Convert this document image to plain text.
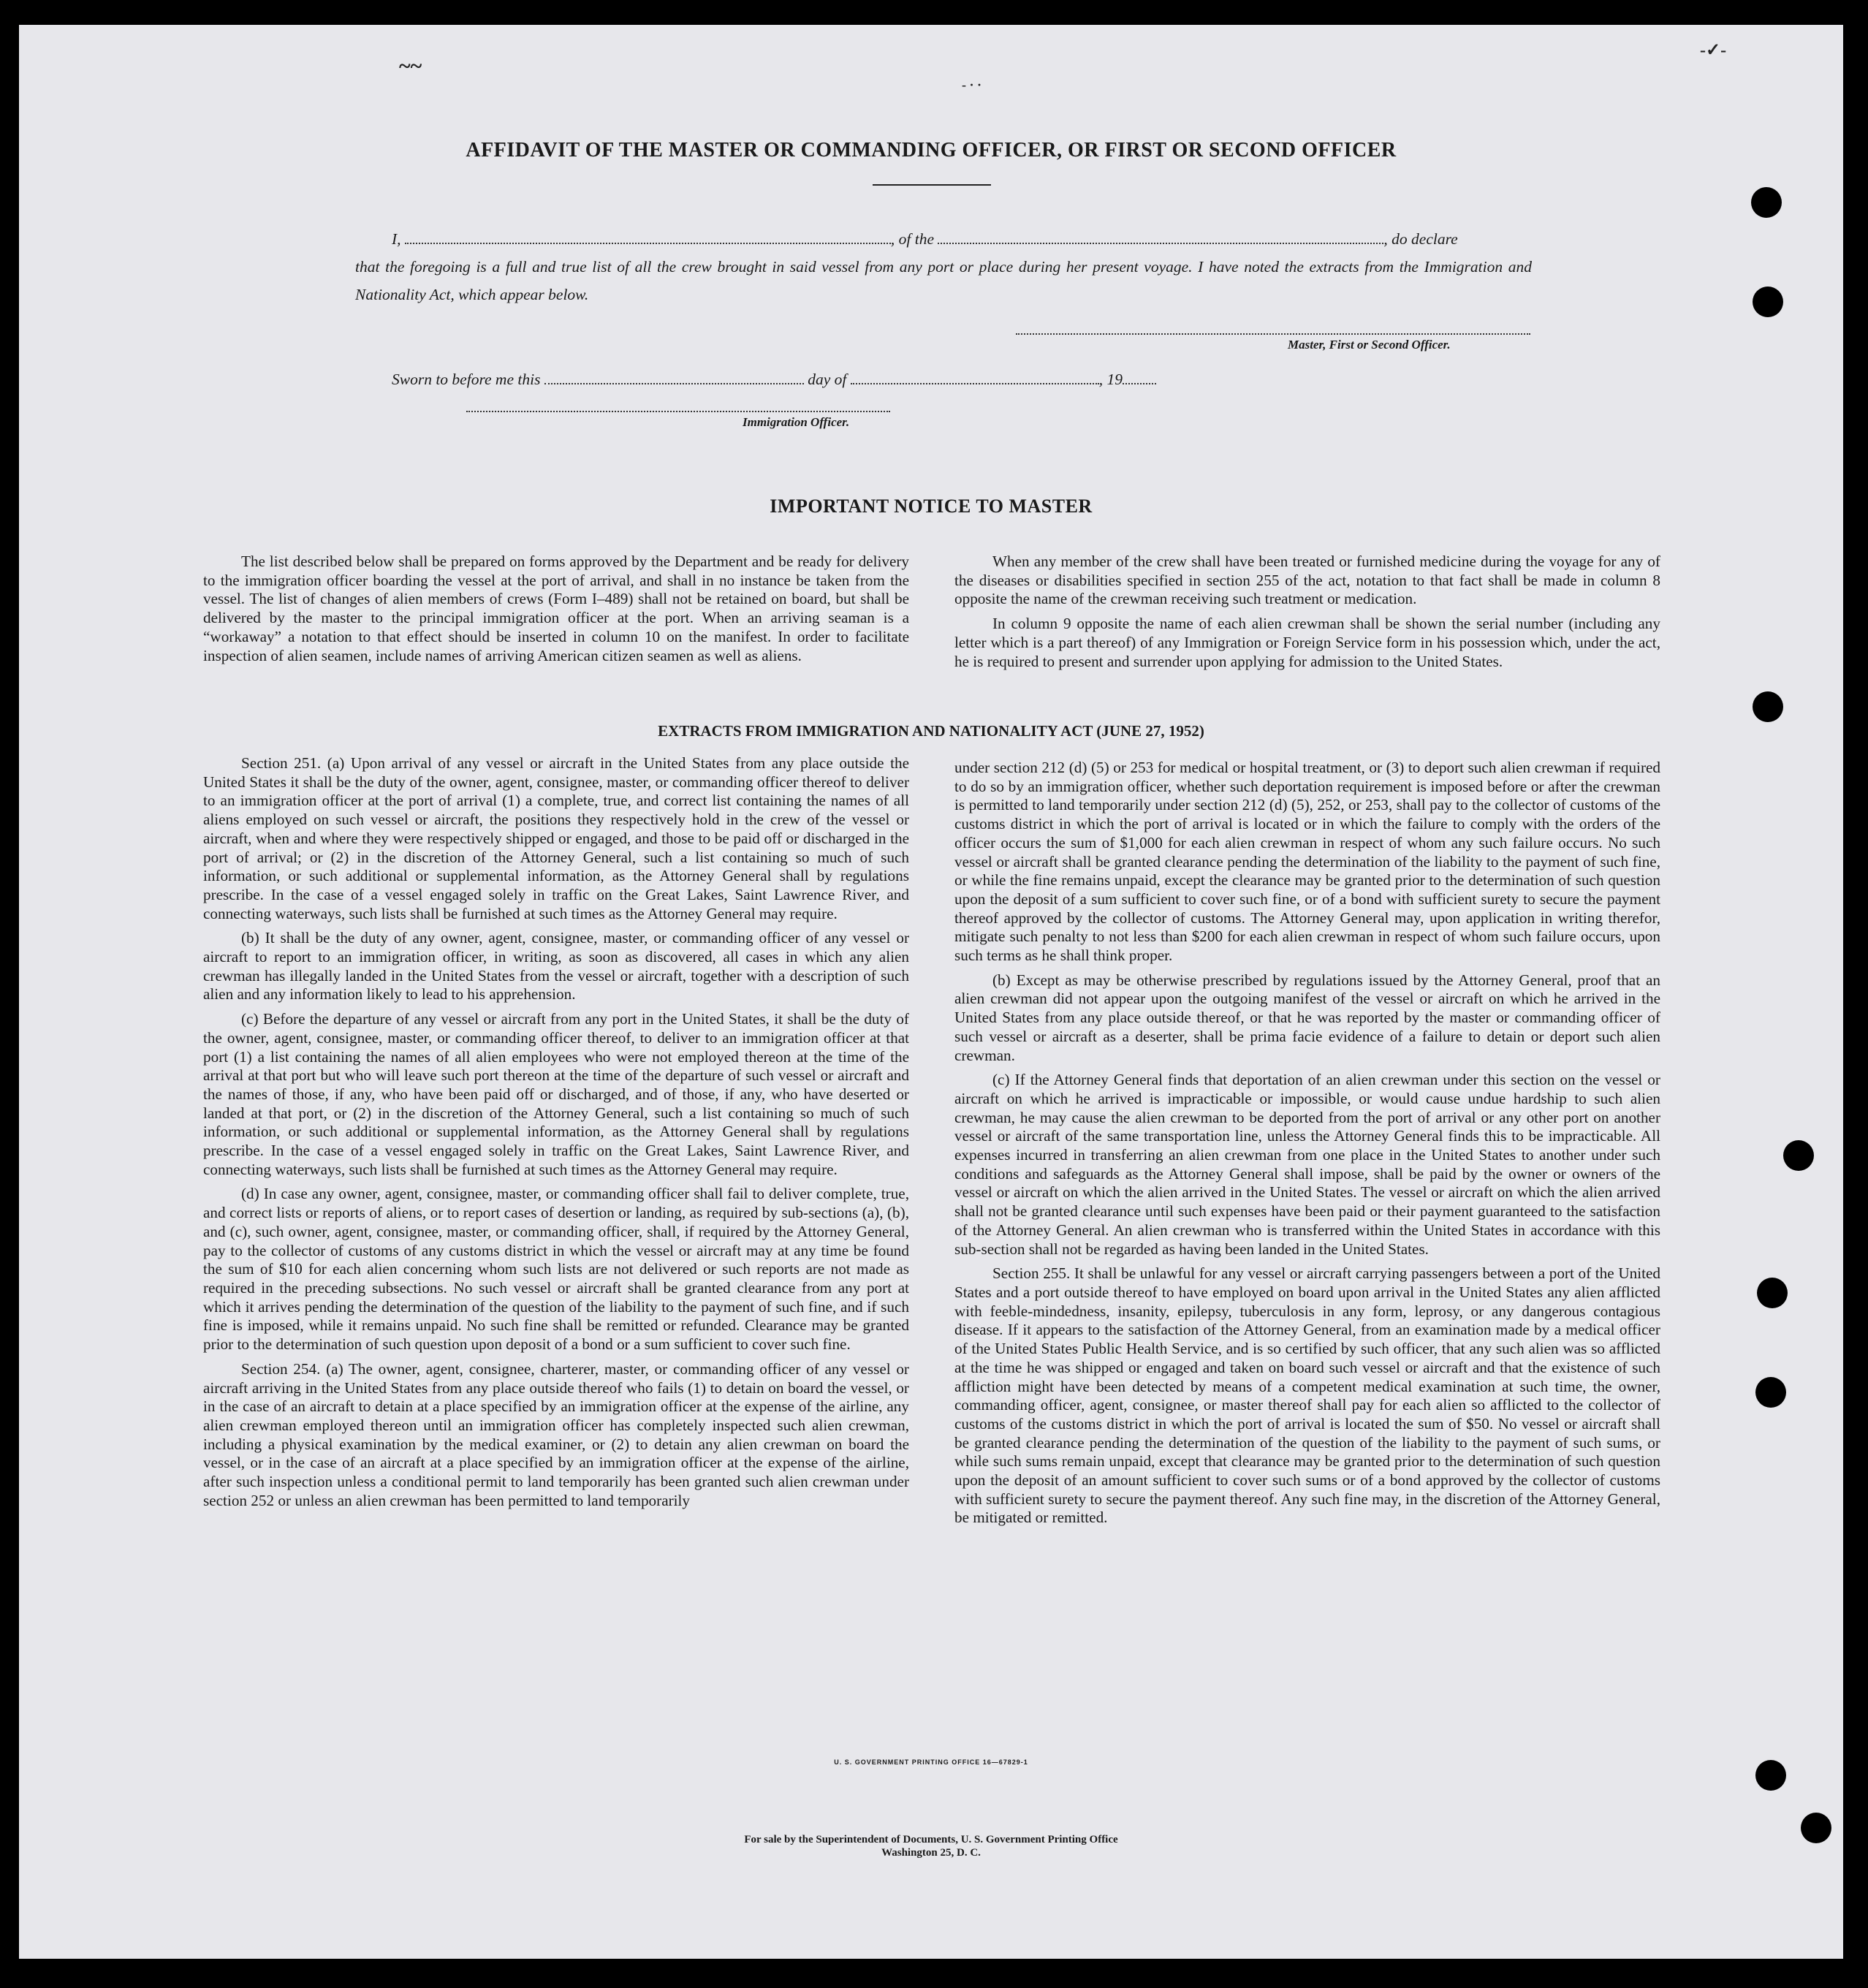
~~
- · ·
-✓-
AFFIDAVIT OF THE MASTER OR COMMANDING OFFICER, OR FIRST OR SECOND OFFICER
I,	, of the	, do declare
that the foregoing is a full and true list of all the crew brought in said vessel from any port or place during her present voyage. I have noted the extracts from the Immigration and Nationality Act, which appear below.
Master, First or Second Officer.
Sworn to before me this	day of	, 19
Immigration Officer.
IMPORTANT NOTICE TO MASTER

The list described below shall be prepared on forms approved by the Department and be ready for delivery to the immigration officer boarding the vessel at the port of arrival, and shall in no instance be taken from the vessel. The list of changes of alien members of crews (Form I–489) shall not be retained on board, but shall be delivered by the master to the principal immigration officer at the port. When an arriving seaman is a “workaway” a notation to that effect should be inserted in column 10 on the manifest. In order to facilitate inspection of alien seamen, include names of arriving American citizen seamen as well as aliens.

When any member of the crew shall have been treated or furnished medicine during the voyage for any of the diseases or disabilities specified in section 255 of the act, notation to that fact shall be made in column 8 opposite the name of the crewman receiving such treatment or medication.

In column 9 opposite the name of each alien crewman shall be shown the serial number (including any letter which is a part thereof) of any Immigration or Foreign Service form in his possession which, under the act, he is required to present and surrender upon applying for admission to the United States.

EXTRACTS FROM IMMIGRATION AND NATIONALITY ACT (JUNE 27, 1952)

Section 251. (a) Upon arrival of any vessel or aircraft in the United States from any place outside the United States it shall be the duty of the owner, agent, consignee, master, or commanding officer thereof to deliver to an immigration officer at the port of arrival (1) a complete, true, and correct list containing the names of all aliens employed on such vessel or aircraft, the positions they respectively hold in the crew of the vessel or aircraft, when and where they were respectively shipped or engaged, and those to be paid off or discharged in the port of arrival; or (2) in the discretion of the Attorney General, such a list containing so much of such information, or such additional or supplemental information, as the Attorney General shall by regulations prescribe. In the case of a vessel engaged solely in traffic on the Great Lakes, Saint Lawrence River, and connecting waterways, such lists shall be furnished at such times as the Attorney General may require.

(b) It shall be the duty of any owner, agent, consignee, master, or commanding officer of any vessel or aircraft to report to an immigration officer, in writing, as soon as discovered, all cases in which any alien crewman has illegally landed in the United States from the vessel or aircraft, together with a description of such alien and any information likely to lead to his apprehension.

(c) Before the departure of any vessel or aircraft from any port in the United States, it shall be the duty of the owner, agent, consignee, master, or commanding officer thereof, to deliver to an immigration officer at that port (1) a list containing the names of all alien employees who were not employed thereon at the time of the arrival at that port but who will leave such port thereon at the time of the departure of such vessel or aircraft and the names of those, if any, who have been paid off or discharged, and of those, if any, who have deserted or landed at that port, or (2) in the discretion of the Attorney General, such a list containing so much of such information, or such additional or supplemental information, as the Attorney General shall by regulations prescribe. In the case of a vessel engaged solely in traffic on the Great Lakes, Saint Lawrence River, and connecting waterways, such lists shall be furnished at such times as the Attorney General may require.

(d) In case any owner, agent, consignee, master, or commanding officer shall fail to deliver complete, true, and correct lists or reports of aliens, or to report cases of desertion or landing, as required by sub-sections (a), (b), and (c), such owner, agent, consignee, master, or commanding officer, shall, if required by the Attorney General, pay to the collector of customs of any customs district in which the vessel or aircraft may at any time be found the sum of $10 for each alien concerning whom such lists are not delivered or such reports are not made as required in the preceding subsections. No such vessel or aircraft shall be granted clearance from any port at which it arrives pending the determination of the question of the liability to the payment of such fine, and if such fine is imposed, while it remains unpaid. No such fine shall be remitted or refunded. Clearance may be granted prior to the determination of such question upon deposit of a bond or a sum sufficient to cover such fine.

Section 254. (a) The owner, agent, consignee, charterer, master, or commanding officer of any vessel or aircraft arriving in the United States from any place outside thereof who fails (1) to detain on board the vessel, or in the case of an aircraft to detain at a place specified by an immigration officer at the expense of the airline, any alien crewman employed thereon until an immigration officer has completely inspected such alien crewman, including a physical examination by the medical examiner, or (2) to detain any alien crewman on board the vessel, or in the case of an aircraft at a place specified by an immigration officer at the expense of the airline, after such inspection unless a conditional permit to land temporarily has been granted such alien crewman under section 252 or unless an alien crewman has been permitted to land temporarily

under section 212 (d) (5) or 253 for medical or hospital treatment, or (3) to deport such alien crewman if required to do so by an immigration officer, whether such deportation requirement is imposed before or after the crewman is permitted to land temporarily under section 212 (d) (5), 252, or 253, shall pay to the collector of customs of the customs district in which the port of arrival is located or in which the failure to comply with the orders of the officer occurs the sum of $1,000 for each alien crewman in respect of whom any such failure occurs. No such vessel or aircraft shall be granted clearance pending the determination of the liability to the payment of such fine, or while the fine remains unpaid, except the clearance may be granted prior to the determination of such question upon the deposit of a sum sufficient to cover such fine, or of a bond with sufficient surety to secure the payment thereof approved by the collector of customs. The Attorney General may, upon application in writing therefor, mitigate such penalty to not less than $200 for each alien crewman in respect of whom such failure occurs, upon such terms as he shall think proper.

(b) Except as may be otherwise prescribed by regulations issued by the Attorney General, proof that an alien crewman did not appear upon the outgoing manifest of the vessel or aircraft on which he arrived in the United States from any place outside thereof, or that he was reported by the master or commanding officer of such vessel or aircraft as a deserter, shall be prima facie evidence of a failure to detain or deport such alien crewman.

(c) If the Attorney General finds that deportation of an alien crewman under this section on the vessel or aircraft on which he arrived is impracticable or impossible, or would cause undue hardship to such alien crewman, he may cause the alien crewman to be deported from the port of arrival or any other port on another vessel or aircraft of the same transportation line, unless the Attorney General finds this to be impracticable. All expenses incurred in transferring an alien crewman from one place in the United States to another under such conditions and safeguards as the Attorney General shall impose, shall be paid by the owner or owners of the vessel or aircraft on which the alien arrived in the United States. The vessel or aircraft on which the alien arrived shall not be granted clearance until such expenses have been paid or their payment guaranteed to the satisfaction of the Attorney General. An alien crewman who is transferred within the United States in accordance with this sub-section shall not be regarded as having been landed in the United States.

Section 255. It shall be unlawful for any vessel or aircraft carrying passengers between a port of the United States and a port outside thereof to have employed on board upon arrival in the United States any alien afflicted with feeble-mindedness, insanity, epilepsy, tuberculosis in any form, leprosy, or any dangerous contagious disease. If it appears to the satisfaction of the Attorney General, from an examination made by a medical officer of the United States Public Health Service, and is so certified by such officer, that any such alien was so afflicted at the time he was shipped or engaged and taken on board such vessel or aircraft and that the existence of such affliction might have been detected by means of a competent medical examination at such time, the owner, commanding officer, agent, consignee, or master thereof shall pay for each alien so afflicted to the collector of customs of the customs district in which the port of arrival is located the sum of $50. No vessel or aircraft shall be granted clearance pending the determination of the question of the liability to the payment of such sums, or while such sums remain unpaid, except that clearance may be granted prior to the determination of such question upon the deposit of an amount sufficient to cover such sums or of a bond approved by the collector of customs with sufficient surety to secure the payment thereof. Any such fine may, in the discretion of the Attorney General, be mitigated or remitted.

U. S. GOVERNMENT PRINTING OFFICE 16—67829-1
For sale by the Superintendent of Documents, U. S. Government Printing Office
Washington 25, D. C.
